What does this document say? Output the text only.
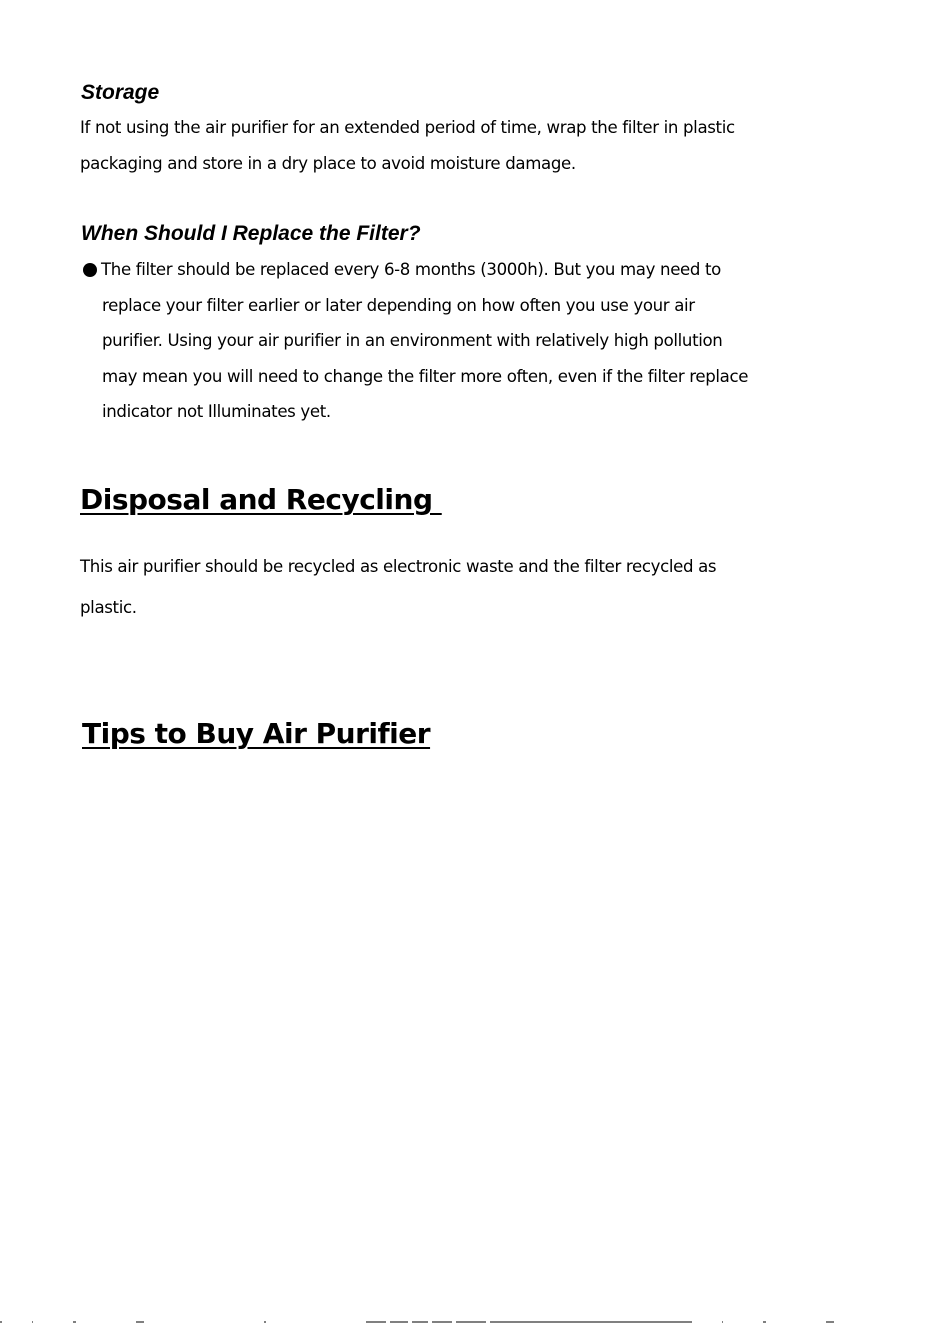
Storage

If not using the air purifier for an extended period of time, wrap the filter in plastic
packaging and store in a dry place to avoid moisture damage.

When Should I Replace the Filter?
The filter should be replaced every 6-8 months (3000h). But you may need to
replace your filter earlier or later depending on how often you use your air
purifier. Using your air purifier in an environment with relatively high pollution
may mean you will need to change the filter more often, even if the filter replace
indicator not Illuminates yet.
Disposal and Recycling

This air purifier should be recycled as electronic waste and the filter recycled as
plastic.

Tips to Buy Air Purifier
